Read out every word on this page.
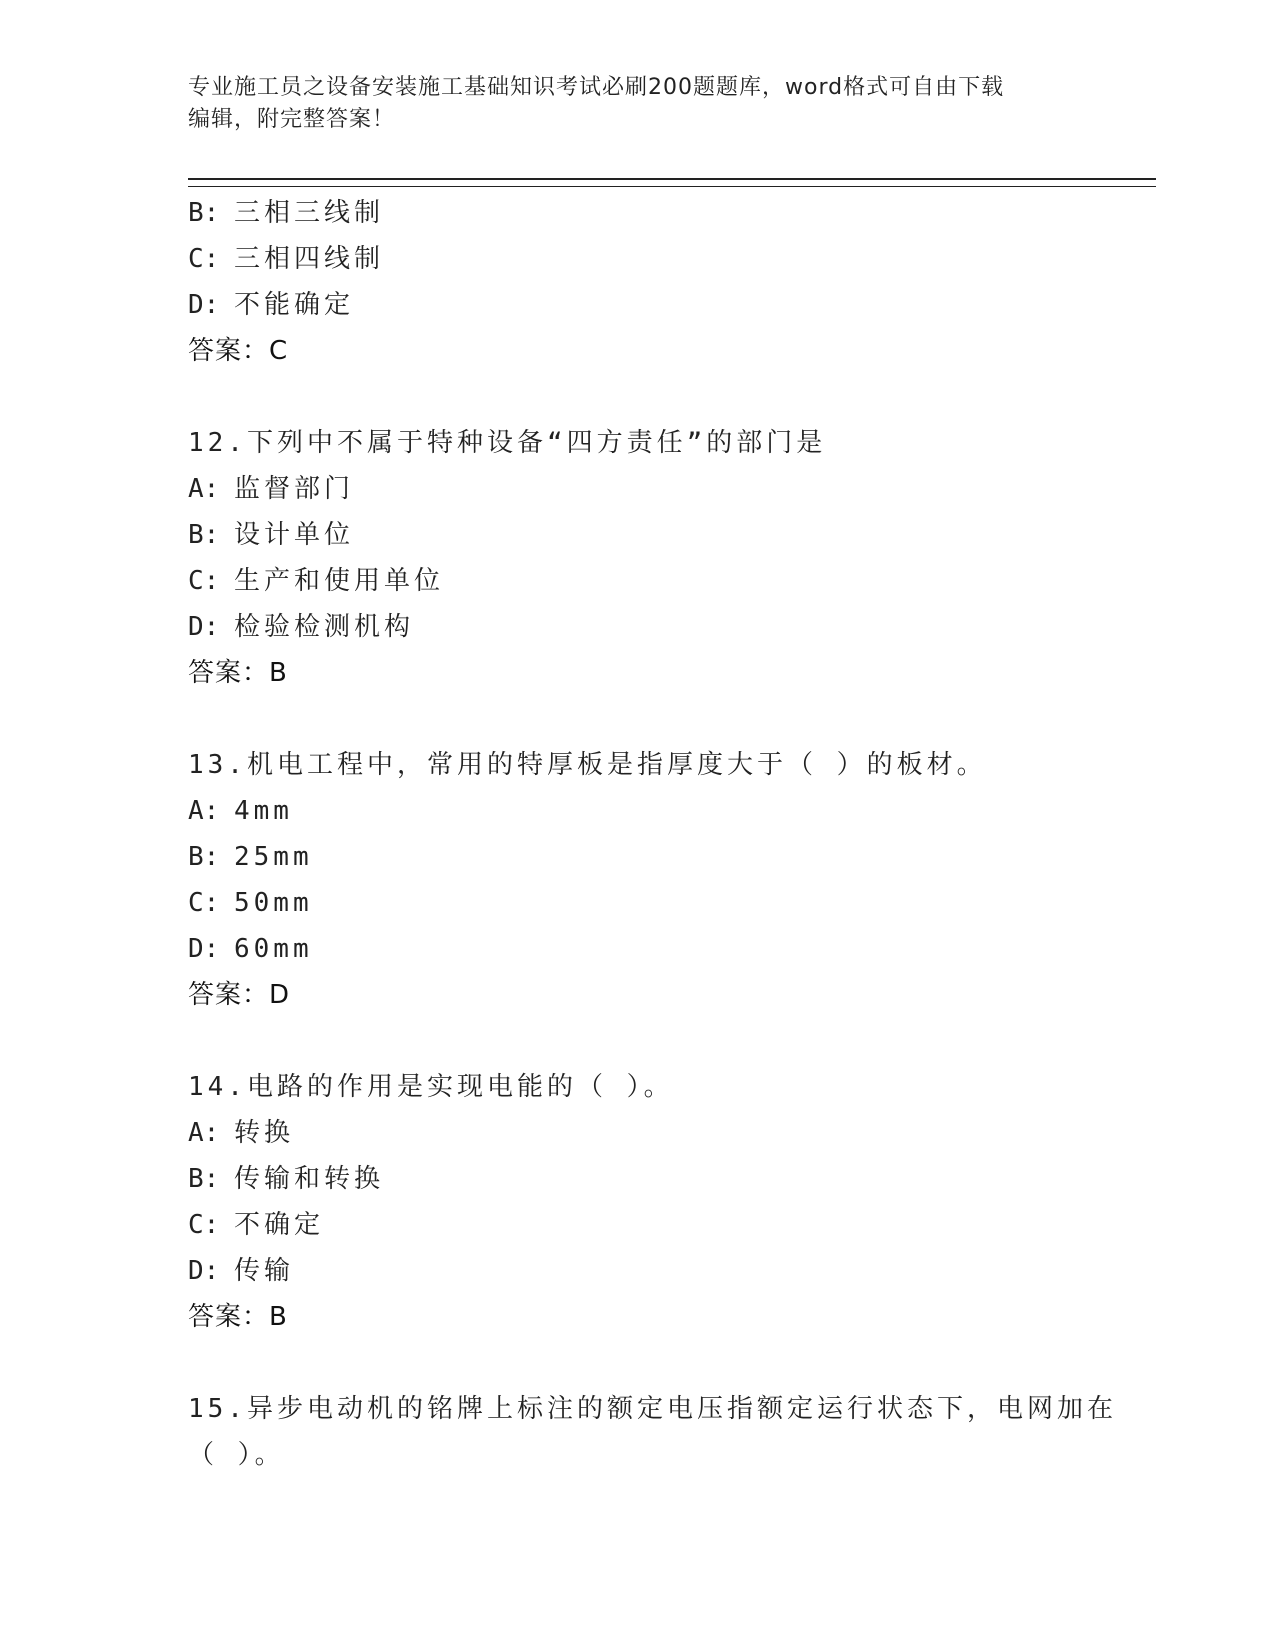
专业施工员之设备安装施工基础知识考试必刷200题题库，word格式可自由下载
编辑，附完整答案！
B: 三相三线制
C: 三相四线制
D: 不能确定
答案：C
12.下列中不属于特种设备“四方责任”的部门是
A: 监督部门
B: 设计单位
C: 生产和使用单位
D: 检验检测机构
答案：B
13.机电工程中，常用的特厚板是指厚度大于（ ）的板材。
A: 4mm
B: 25mm
C: 50mm
D: 60mm
答案：D
14.电路的作用是实现电能的（ ）。
A: 转换
B: 传输和转换
C: 不确定
D: 传输
答案：B
15.异步电动机的铭牌上标注的额定电压指额定运行状态下，电网加在
（ ）。
